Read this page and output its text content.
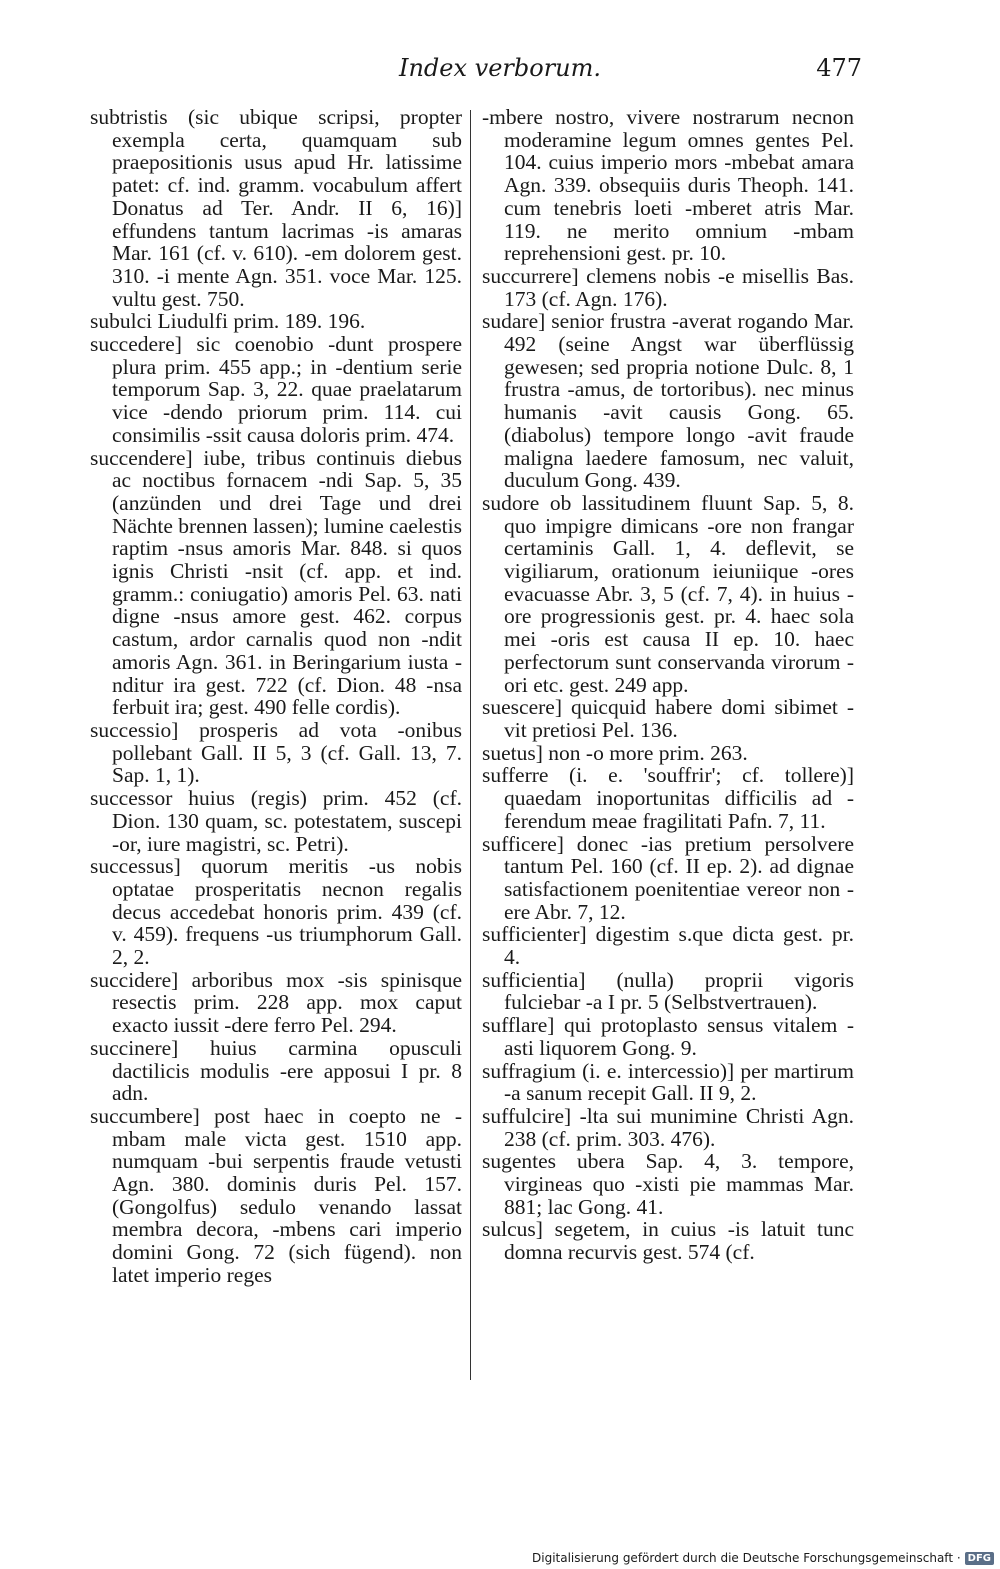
Index verborum.	477

subtristis (sic ubique scripsi, propter exempla certa, quamquam sub praepositionis usus apud Hr. latissime patet: cf. ind. gramm. vocabulum affert Donatus ad Ter. Andr. II 6, 16)] effundens tantum lacrimas -is amaras Mar. 161 (cf. v. 610). -em dolorem gest. 310. -i mente Agn. 351. voce Mar. 125. vultu gest. 750.

subulci Liudulfi prim. 189. 196.

succedere] sic coenobio -dunt prospere plura prim. 455 app.; in -dentium serie temporum Sap. 3, 22. quae praelatarum vice -dendo priorum prim. 114. cui consimilis -ssit causa doloris prim. 474.

succendere] iube, tribus continuis diebus ac noctibus fornacem -ndi Sap. 5, 35 (anzünden und drei Tage und drei Nächte brennen lassen); lumine caelestis raptim -nsus amoris Mar. 848. si quos ignis Christi -nsit (cf. app. et ind. gramm.: coniugatio) amoris Pel. 63. nati digne -nsus amore gest. 462. corpus castum, ardor carnalis quod non -ndit amoris Agn. 361. in Beringarium iusta -nditur ira gest. 722 (cf. Dion. 48 -nsa ferbuit ira; gest. 490 felle cordis).

successio] prosperis ad vota -onibus pollebant Gall. II 5, 3 (cf. Gall. 13, 7. Sap. 1, 1).

successor huius (regis) prim. 452 (cf. Dion. 130 quam, sc. potestatem, suscepi -or, iure magistri, sc. Petri).

successus] quorum meritis -us nobis optatae prosperitatis necnon regalis decus accedebat honoris prim. 439 (cf. v. 459). frequens -us triumphorum Gall. 2, 2.

succidere] arboribus mox -sis spinisque resectis prim. 228 app. mox caput exacto iussit -dere ferro Pel. 294.

succinere] huius carmina opusculi dactilicis modulis -ere apposui I pr. 8 adn.

succumbere] post haec in coepto ne -mbam male victa gest. 1510 app. numquam -bui serpentis fraude vetusti Agn. 380. dominis duris Pel. 157. (Gongolfus) sedulo venando lassat membra decora, -mbens cari imperio domini Gong. 72 (sich fügend). non latet imperio reges

-mbere nostro, vivere nostrarum necnon moderamine legum omnes gentes Pel. 104. cuius imperio mors -mbebat amara Agn. 339. obsequiis duris Theoph. 141. cum tenebris loeti -mberet atris Mar. 119. ne merito omnium -mbam reprehensioni gest. pr. 10.

succurrere] clemens nobis -e misellis Bas. 173 (cf. Agn. 176).

sudare] senior frustra -averat rogando Mar. 492 (seine Angst war überflüssig gewesen; sed propria notione Dulc. 8, 1 frustra -amus, de tortoribus). nec minus humanis -avit causis Gong. 65. (diabolus) tempore longo -avit fraude maligna laedere famosum, nec valuit, duculum Gong. 439.

sudore ob lassitudinem fluunt Sap. 5, 8. quo impigre dimicans -ore non frangar certaminis Gall. 1, 4. deflevit, se vigiliarum, orationum ieiuniique -ores evacuasse Abr. 3, 5 (cf. 7, 4). in huius -ore progressionis gest. pr. 4. haec sola mei -oris est causa II ep. 10. haec perfectorum sunt conservanda virorum -ori etc. gest. 249 app.

suescere] quicquid habere domi sibimet -vit pretiosi Pel. 136.

suetus] non -o more prim. 263.

sufferre (i. e. 'souffrir'; cf. tollere)] quaedam inoportunitas difficilis ad -ferendum meae fragilitati Pafn. 7, 11.

sufficere] donec -ias pretium persolvere tantum Pel. 160 (cf. II ep. 2). ad dignae satisfactionem poenitentiae vereor non -ere Abr. 7, 12.

sufficienter] digestim s.que dicta gest. pr. 4.

sufficientia] (nulla) proprii vigoris fulciebar -a I pr. 5 (Selbstvertrauen).

sufflare] qui protoplasto sensus vitalem -asti liquorem Gong. 9.

suffragium (i. e. intercessio)] per martirum -a sanum recepit Gall. II 9, 2.

suffulcire] -lta sui munimine Christi Agn. 238 (cf. prim. 303. 476).

sugentes ubera Sap. 4, 3. tempore, virgineas quo -xisti pie mammas Mar. 881; lac Gong. 41.

sulcus] segetem, in cuius -is latuit tunc domna recurvis gest. 574 (cf.

Digitalisierung gefördert durch die Deutsche Forschungsgemeinschaft · DFG
